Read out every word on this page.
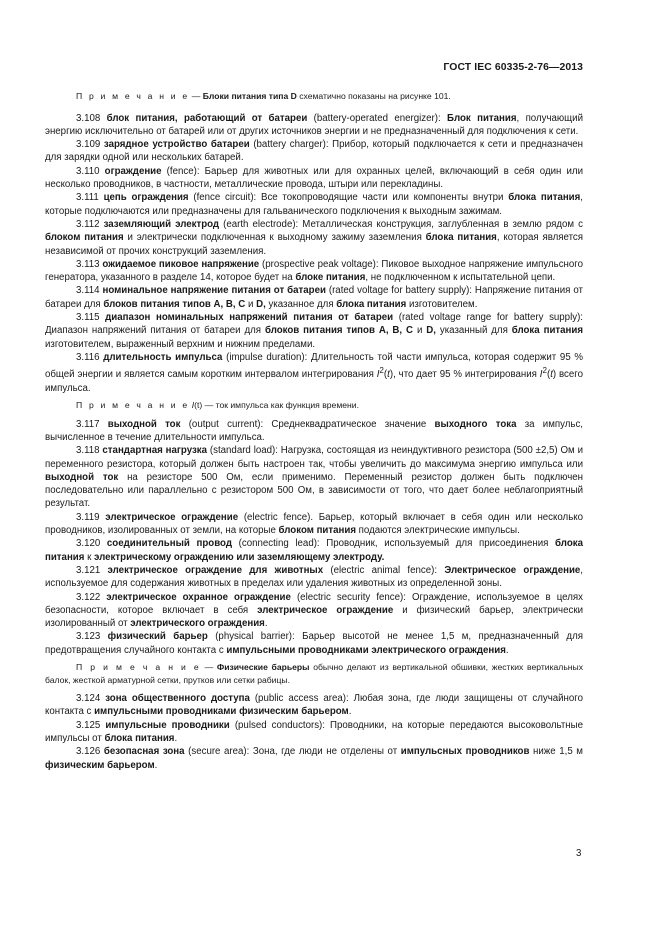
ГОСТ IEC 60335-2-76—2013

П р и м е ч а н и е — Блоки питания типа D схематично показаны на рисунке 101.

3.108 блок питания, работающий от батареи (battery-operated energizer): Блок питания, получающий энергию исключительно от батарей или от других источников энергии и не предназначенный для подключения к сети.

3.109 зарядное устройство батареи (battery charger): Прибор, который подключается к сети и предназначен для зарядки одной или нескольких батарей.

3.110 ограждение (fence): Барьер для животных или для охранных целей, включающий в себя один или несколько проводников, в частности, металлические провода, штыри или перекладины.

3.111 цепь ограждения (fence circuit): Все токопроводящие части или компоненты внутри блока питания, которые подключаются или предназначены для гальванического подключения к выходным зажимам.

3.112 заземляющий электрод (earth electrode): Металлическая конструкция, заглубленная в землю рядом с блоком питания и электрически подключенная к выходному зажиму заземления блока питания, которая является независимой от прочих конструкций заземления.

3.113 ожидаемое пиковое напряжение (prospective peak voltage): Пиковое выходное напряжение импульсного генератора, указанного в разделе 14, которое будет на блоке питания, не подключенном к испытательной цепи.

3.114 номинальное напряжение питания от батареи (rated voltage for battery supply): Напряжение питания от батареи для блоков питания типов А, В, С и D, указанное для блока питания изготовителем.

3.115 диапазон номинальных напряжений питания от батареи (rated voltage range for battery supply): Диапазон напряжений питания от батареи для блоков питания типов А, В, С и D, указанный для блока питания изготовителем, выраженный верхним и нижним пределами.

3.116 длительность импульса (impulse duration): Длительность той части импульса, которая содержит 95 % общей энергии и является самым коротким интервалом интегрирования $I^2(t)$, что дает 95 % интегрирования $I^2(t)$ всего импульса.

П р и м е ч а н и е I(t) — ток импульса как функция времени.

3.117 выходной ток (output current): Среднеквадратическое значение выходного тока за импульс, вычисленное в течение длительности импульса.

3.118 стандартная нагрузка (standard load): Нагрузка, состоящая из неиндуктивного резистора (500 ±2,5) Ом и переменного резистора, который должен быть настроен так, чтобы увеличить до максимума энергию импульса или выходной ток на резисторе 500 Ом, если применимо. Переменный резистор должен быть подключен последовательно или параллельно с резистором 500 Ом, в зависимости от того, что дает более неблагоприятный результат.

3.119 электрическое ограждение (electric fence). Барьер, который включает в себя один или несколько проводников, изолированных от земли, на которые блоком питания подаются электрические импульсы.

3.120 соединительный провод (connecting lead): Проводник, используемый для присоединения блока питания к электрическому ограждению или заземляющему электроду.

3.121 электрическое ограждение для животных (electric animal fence): Электрическое ограждение, используемое для содержания животных в пределах или удаления животных из определенной зоны.

3.122 электрическое охранное ограждение (electric security fence): Ограждение, используемое в целях безопасности, которое включает в себя электрическое ограждение и физический барьер, электрически изолированный от электрического ограждения.

3.123 физический барьер (physical barrier): Барьер высотой не менее 1,5 м, предназначенный для предотвращения случайного контакта с импульсными проводниками электрического ограждения.

П р и м е ч а н и е — Физические барьеры обычно делают из вертикальной обшивки, жестких вертикальных балок, жесткой арматурной сетки, прутков или сетки рабицы.

3.124 зона общественного доступа (public access area): Любая зона, где люди защищены от случайного контакта с импульсными проводниками физическим барьером.

3.125 импульсные проводники (pulsed conductors): Проводники, на которые передаются высоковольтные импульсы от блока питания.

3.126 безопасная зона (secure area): Зона, где люди не отделены от импульсных проводников ниже 1,5 м физическим барьером.

3
